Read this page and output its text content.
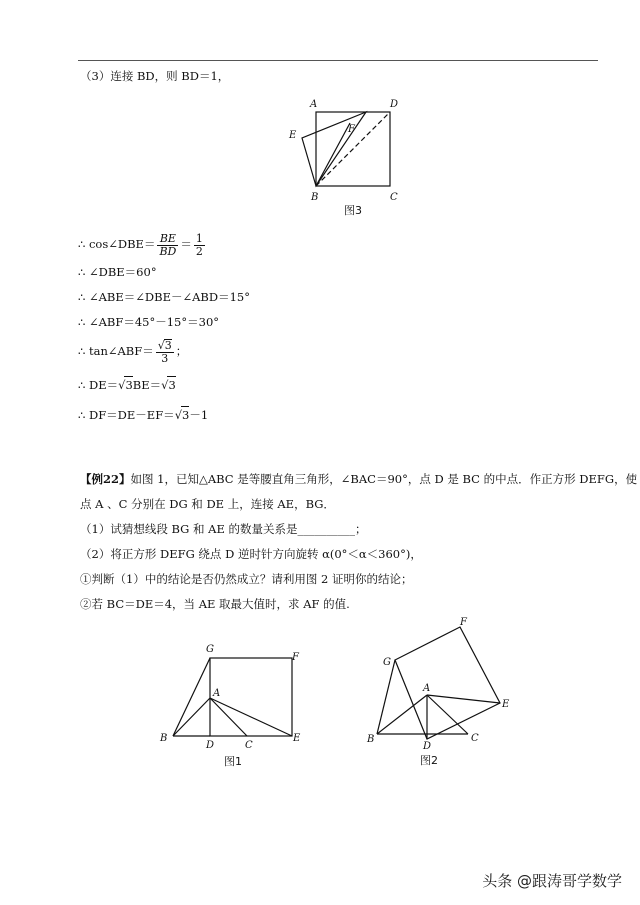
（3）连接 BD，则 BD＝1，
A	D
E
F
B	C
图3
∴ cos∠DBE＝ $\frac{BE}{BD} = \frac{1}{2}$
∴ ∠DBE＝60°
∴ ∠ABE＝∠DBE－∠ABD＝15°
∴ ∠ABF＝45°－15°＝30°
∴ tan∠ABF＝ $\frac{√3}{3}$ ；
∴ DE＝√3BE＝√3
∴ DF＝DE－EF＝√3－1
【例22】如图 1，已知△ABC 是等腰直角三角形，∠BAC＝90°，点 D 是 BC 的中点．作正方形 DEFG，使
点 A 、C 分别在 DG 和 DE 上，连接 AE，BG．
（1）试猜想线段 BG 和 AE 的数量关系是__________；
（2）将正方形 DEFG 绕点 D 逆时针方向旋转 α(0°＜α＜360°)，
①判断（1）中的结论是否仍然成立？请利用图 2 证明你的结论；
②若 BC＝DE＝4，当 AE 取最大值时，求 AF 的值.
G
F
A
B
D	C
E
图1
F
G
A
E
B
D
C
图2
头条 @跟涛哥学数学
